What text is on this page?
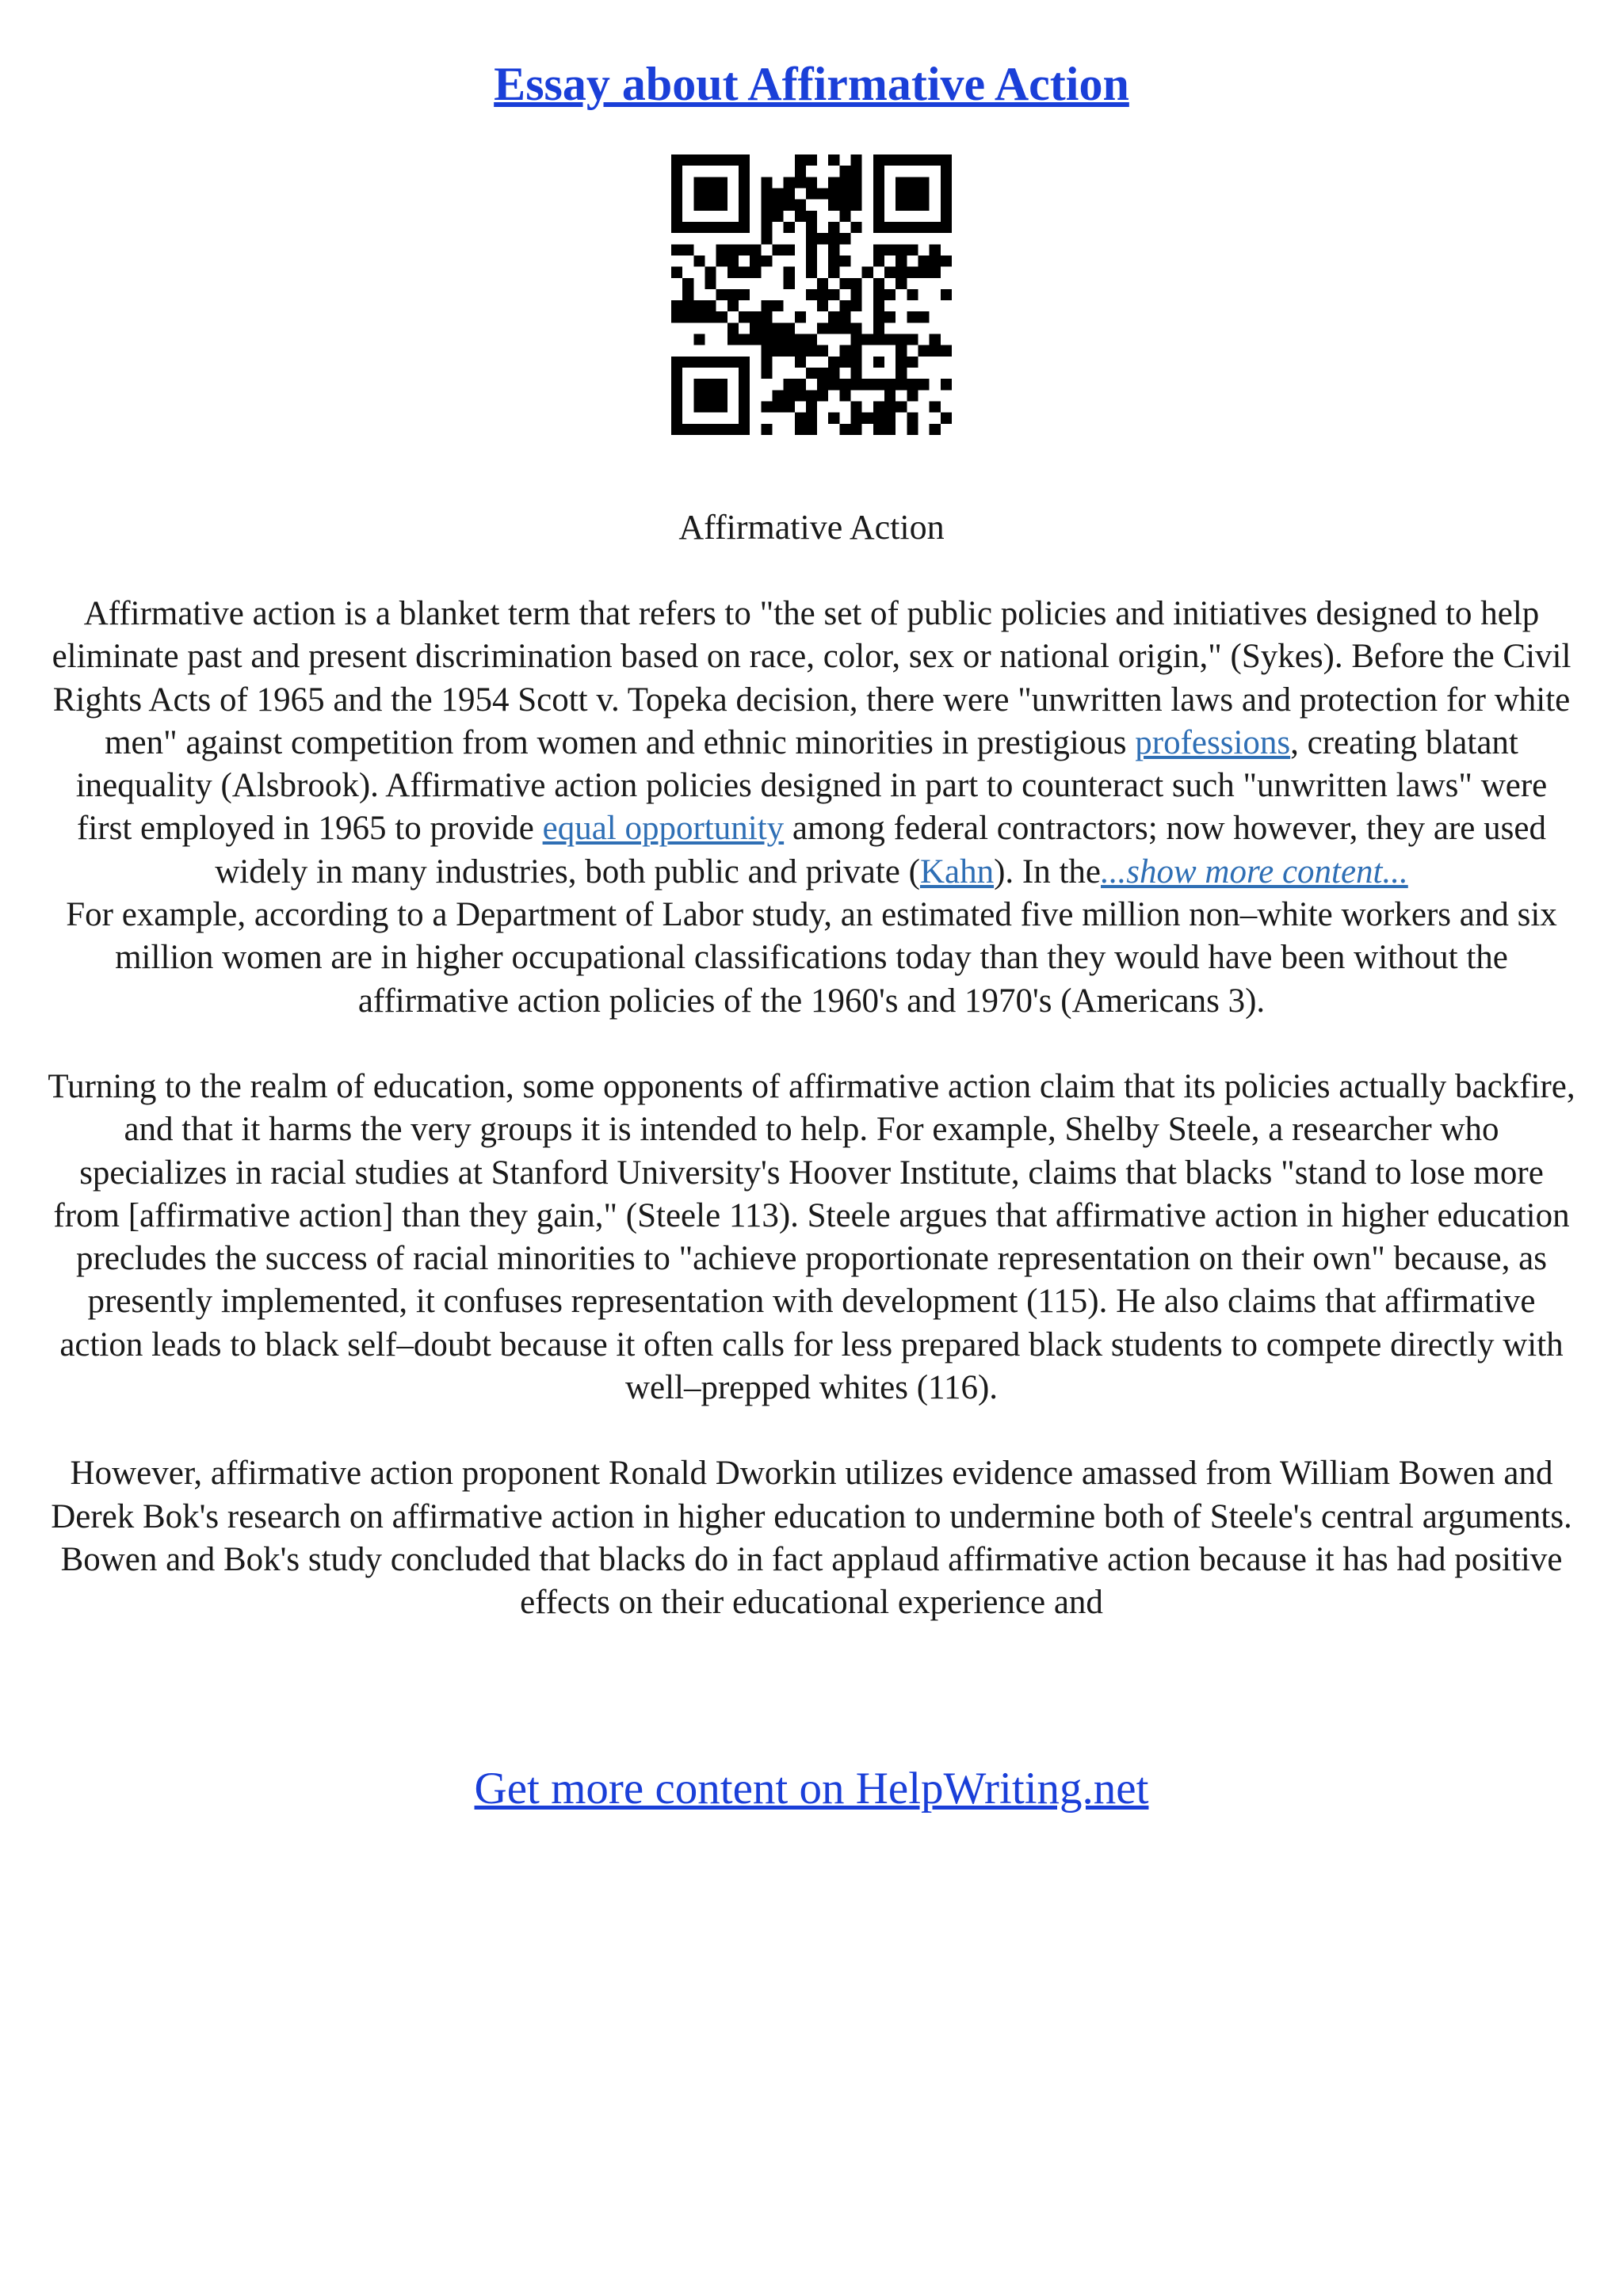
Essay about Affirmative Action
Affirmative Action

Affirmative action is a blanket term that refers to "the set of public policies and initiatives designed to help eliminate past and present discrimination based on race, color, sex or national origin," (Sykes). Before the Civil Rights Acts of 1965 and the 1954 Scott v. Topeka decision, there were "unwritten laws and protection for white men" against competition from women and ethnic minorities in prestigious professions, creating blatant inequality (Alsbrook). Affirmative action policies designed in part to counteract such "unwritten laws" were first employed in 1965 to provide equal opportunity among federal contractors; now however, they are used widely in many industries, both public and private (Kahn). In the...show more content...

For example, according to a Department of Labor study, an estimated five million non–white workers and six million women are in higher occupational classifications today than they would have been without the affirmative action policies of the 1960's and 1970's (Americans 3).

Turning to the realm of education, some opponents of affirmative action claim that its policies actually backfire, and that it harms the very groups it is intended to help. For example, Shelby Steele, a researcher who specializes in racial studies at Stanford University's Hoover Institute, claims that blacks "stand to lose more from [affirmative action] than they gain," (Steele 113). Steele argues that affirmative action in higher education precludes the success of racial minorities to "achieve proportionate representation on their own" because, as presently implemented, it confuses representation with development (115). He also claims that affirmative action leads to black self–doubt because it often calls for less prepared black students to compete directly with well–prepped whites (116).

However, affirmative action proponent Ronald Dworkin utilizes evidence amassed from William Bowen and Derek Bok's research on affirmative action in higher education to undermine both of Steele's central arguments. Bowen and Bok's study concluded that blacks do in fact applaud affirmative action because it has had positive effects on their educational experience and

Get more content on HelpWriting.net
